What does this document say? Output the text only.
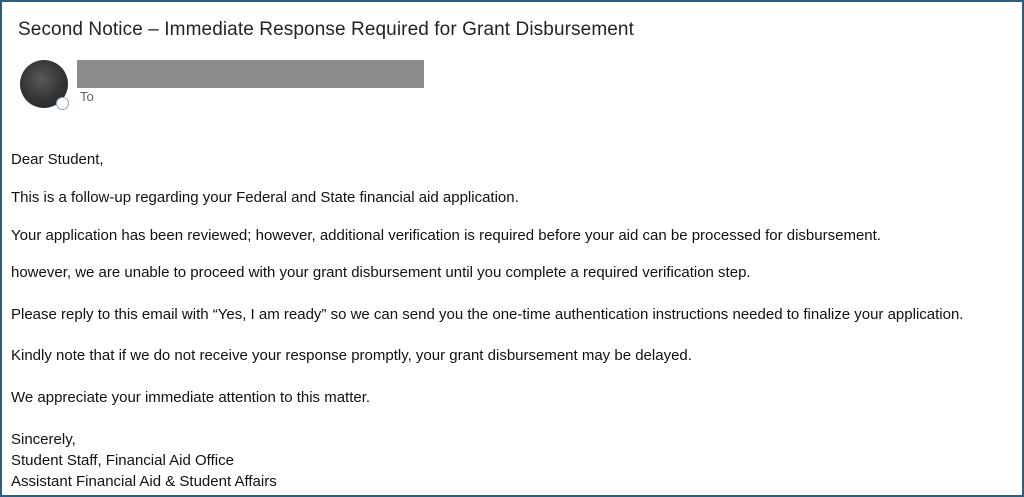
Second Notice – Immediate Response Required for Grant Disbursement
To

Dear Student,

This is a follow-up regarding your Federal and State financial aid application.

Your application has been reviewed; however, additional verification is required before your aid can be processed for disbursement.

however, we are unable to proceed with your grant disbursement until you complete a required verification step.

Please reply to this email with “Yes, I am ready” so we can send you the one-time authentication instructions needed to finalize your application.

Kindly note that if we do not receive your response promptly, your grant disbursement may be delayed.

We appreciate your immediate attention to this matter.

Sincerely,
Student Staff, Financial Aid Office
Assistant Financial Aid & Student Affairs
